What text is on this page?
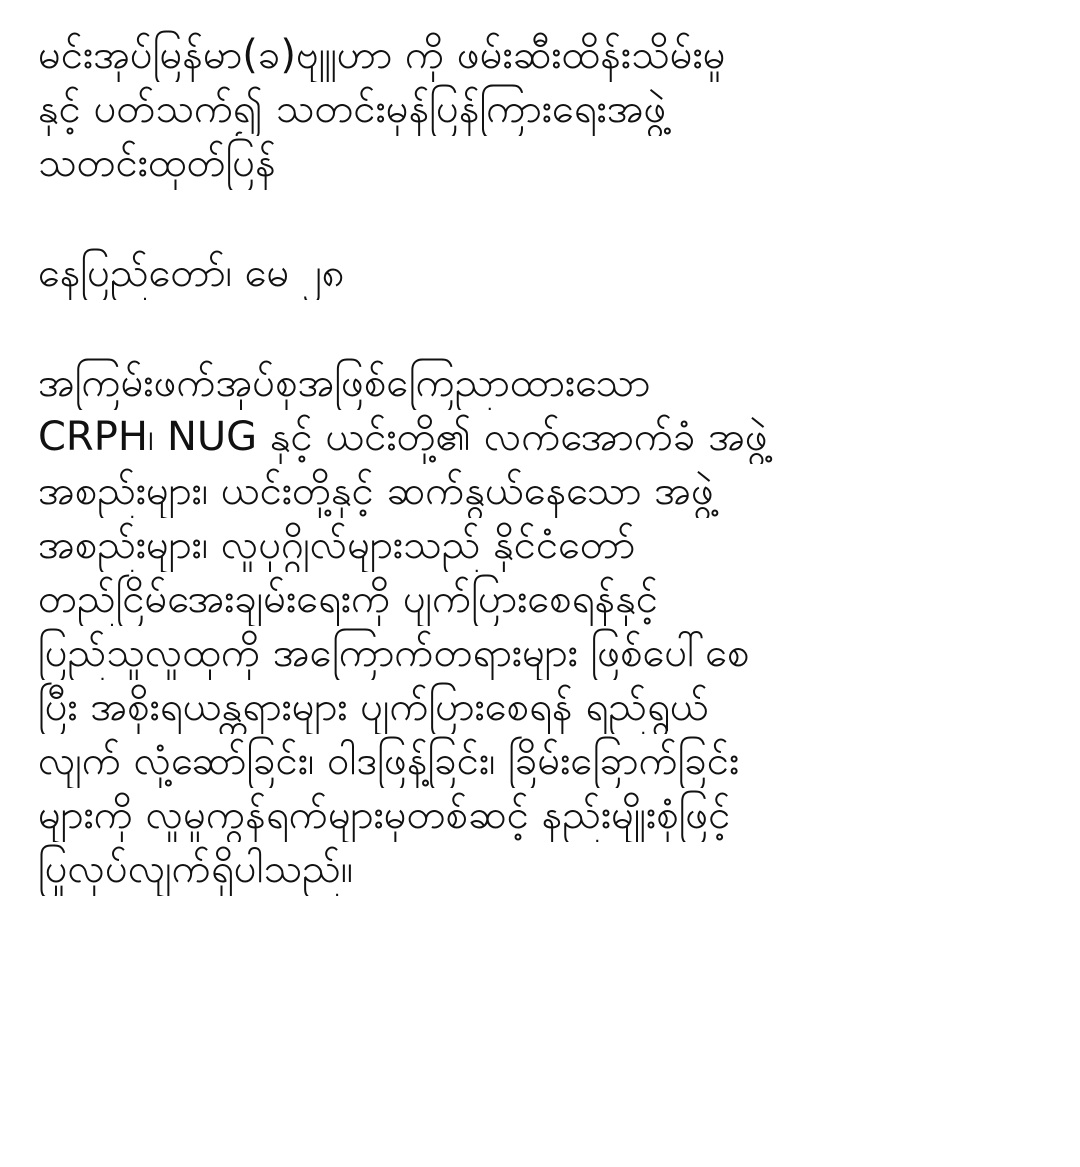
မင်းအုပ်မြန်မာ(ခ)ဗျူဟာ ကို ဖမ်းဆီးထိန်းသိမ်းမှု
နှင့် ပတ်သက်၍ သတင်းမှန်ပြန်ကြားရေးအဖွဲ့
သတင်းထုတ်ပြန်
နေပြည်တော်၊ မေ ၂၈
အကြမ်းဖက်အုပ်စုအဖြစ်ကြေညာထားသော
CRPH၊ NUG နှင့် ယင်းတို့၏ လက်အောက်ခံ အဖွဲ့
အစည်းများ၊ ယင်းတို့နှင့် ဆက်နွယ်နေသော အဖွဲ့
အစည်းများ၊ လူပုဂ္ဂိုလ်များသည် နိုင်ငံတော်
တည်ငြိမ်အေးချမ်းရေးကို ပျက်ပြားစေရန်နှင့်
ပြည်သူလူထုကို အကြောက်တရားများ ဖြစ်ပေါ်စေ
ပြီး အစိုးရယန္တရားများ ပျက်ပြားစေရန် ရည်ရွယ်
လျက် လုံ့ဆော်ခြင်း၊ ဝါဒဖြန့်ခြင်း၊ ခြိမ်းခြောက်ခြင်း
များကို လူမှုကွန်ရက်များမှတစ်ဆင့် နည်းမျိုးစုံဖြင့်
ပြုလုပ်လျက်ရှိပါသည်။
